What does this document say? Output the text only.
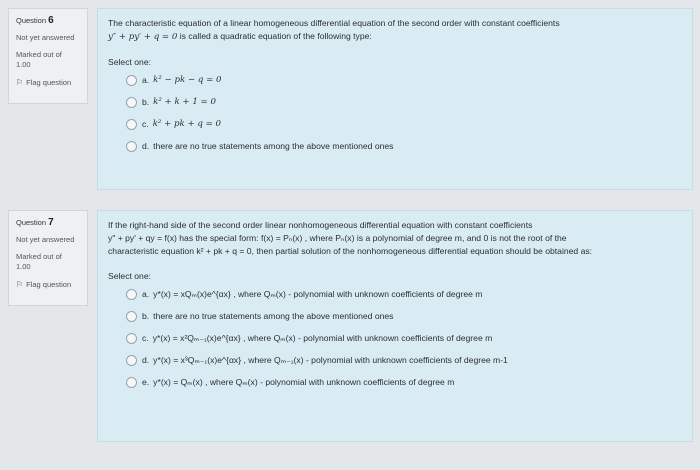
Question 6
Not yet answered
Marked out of
1.00
⚐ Flag question
The characteristic equation of a linear homogeneous differential equation of the second order with constant coefficients
y″ + py′ + q = 0 is called a quadratic equation of the following type:
Select one:
a. k² − pk − q = 0
b. k² + k + 1 = 0
c. k² + pk + q = 0
d. there are no true statements among the above mentioned ones
Question 7
Not yet answered
Marked out of
1.00
⚐ Flag question
If the right-hand side of the second order linear nonhomogeneous differential equation with constant coefficients
y″ + py′ + qy = f(x) has the special form: f(x) = Pₙ(x) , where Pₙ(x) is a polynomial of degree m, and 0 is not the root of the
characteristic equation k² + pk + q = 0, then partial solution of the nonhomogeneous differential equation should be obtained as:
Select one:
a. y*(x) = xQₘ(x)e^{αx} , where Qₘ(x) - polynomial with unknown coefficients of degree m
b. there are no true statements among the above mentioned ones
c. y*(x) = x²Qₘ₋₁(x)e^{αx} , where Qₘ(x) - polynomial with unknown coefficients of degree m
d. y*(x) = x³Qₘ₋₁(x)e^{αx} , where Qₘ₋₁(x) - polynomial with unknown coefficients of degree m-1
e. y*(x) = Qₘ(x) , where Qₘ(x) - polynomial with unknown coefficients of degree m
